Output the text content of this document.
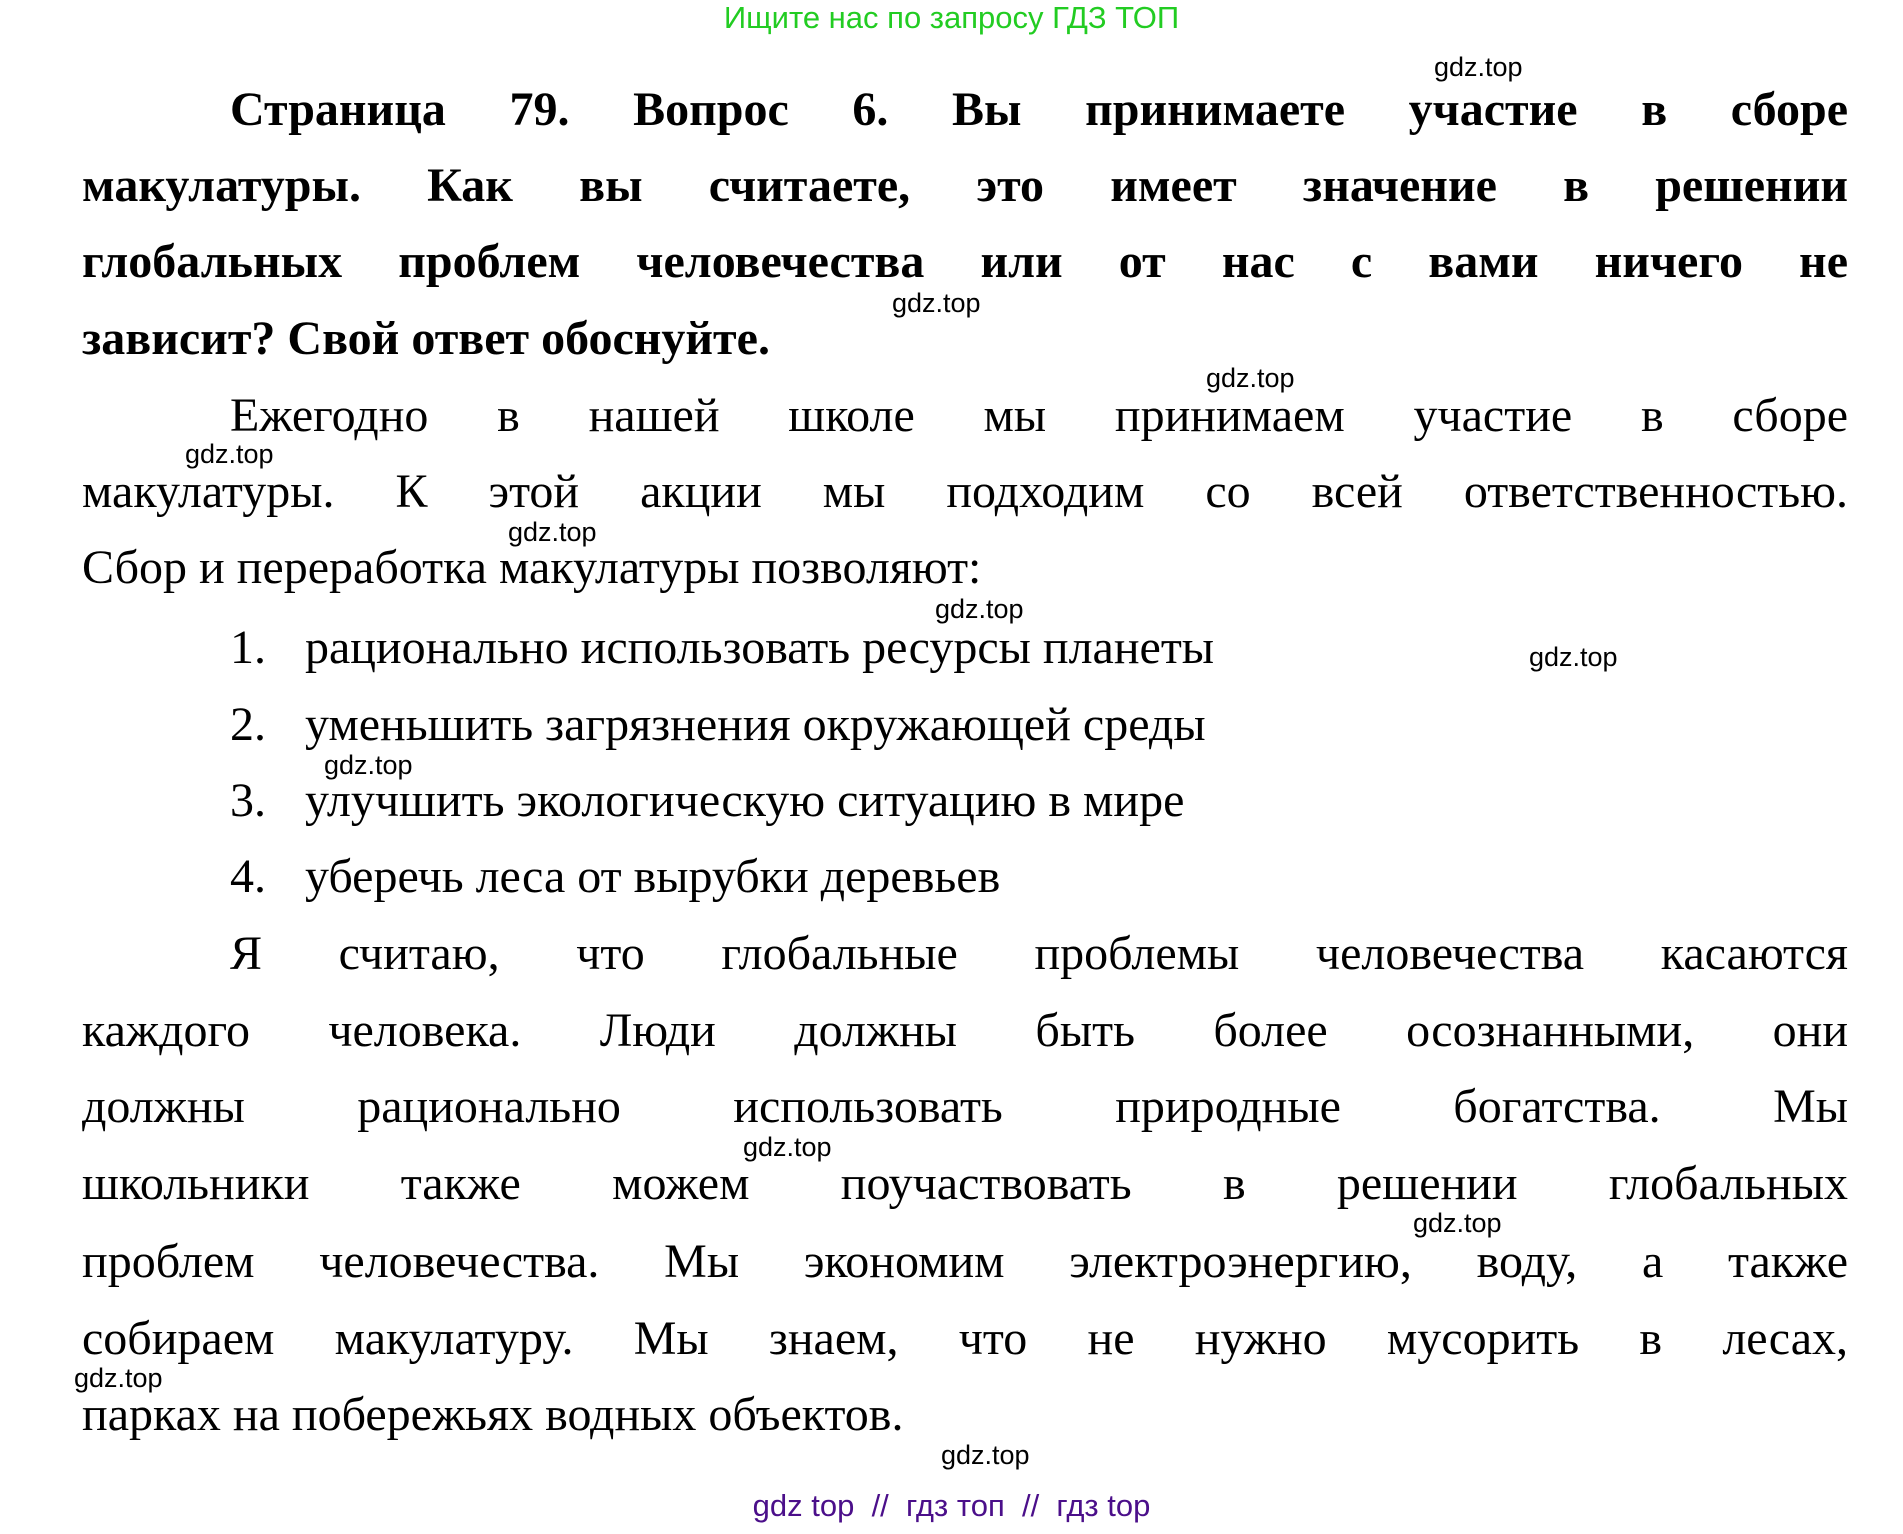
Ищите нас по запросу ГДЗ ТОП
Страница 79. Вопрос 6. Вы принимаете участие в сборе
макулатуры. Как вы считаете, это имеет значение в решении
глобальных проблем человечества или от нас с вами ничего не
зависит? Свой ответ обоснуйте.
Ежегодно в нашей школе мы принимаем участие в сборе
макулатуры. К этой акции мы подходим со всей ответственностью.
Сбор и переработка макулатуры позволяют:
1. рационально использовать ресурсы планеты
2. уменьшить загрязнения окружающей среды
3. улучшить экологическую ситуацию в мире
4. уберечь леса от вырубки деревьев
Я считаю, что глобальные проблемы человечества касаются
каждого человека. Люди должны быть более осознанными, они
должны рационально использовать природные богатства. Мы
школьники также можем поучаствовать в решении глобальных
проблем человечества. Мы экономим электроэнергию, воду, а также
собираем макулатуру. Мы знаем, что не нужно мусорить в лесах,
парках на побережьях водных объектов.
gdz.top
gdz.top
gdz.top
gdz.top
gdz.top
gdz.top
gdz.top
gdz.top
gdz.top
gdz.top
gdz.top
gdz.top
gdz top  //  гдз топ  //  гдз top
